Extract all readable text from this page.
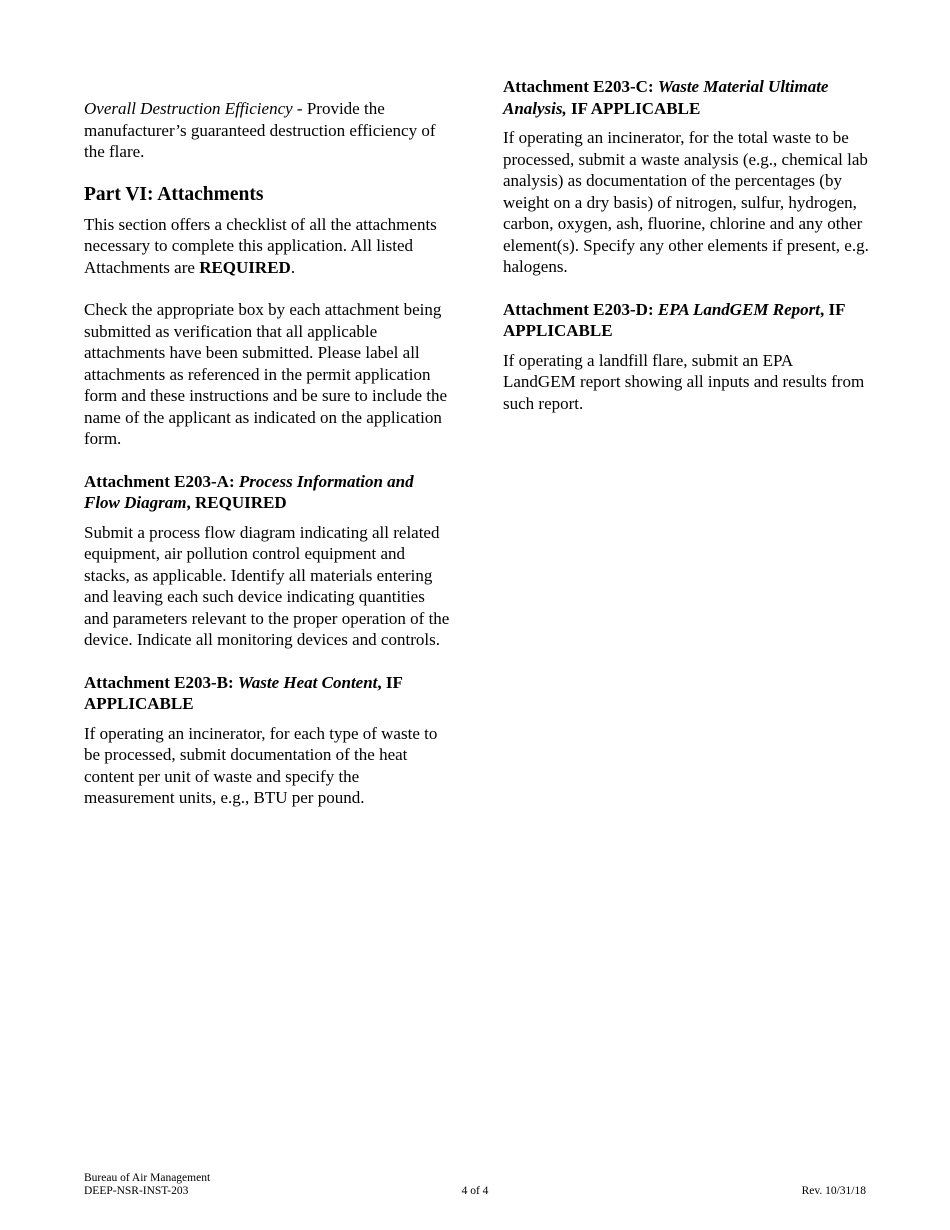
Overall Destruction Efficiency - Provide the manufacturer’s guaranteed destruction efficiency of the flare.

Part VI: Attachments

This section offers a checklist of all the attachments necessary to complete this application. All listed Attachments are REQUIRED.

Check the appropriate box by each attachment being submitted as verification that all applicable attachments have been submitted. Please label all attachments as referenced in the permit application form and these instructions and be sure to include the name of the applicant as indicated on the application form.

Attachment E203-A: Process Information and Flow Diagram, REQUIRED

Submit a process flow diagram indicating all related equipment, air pollution control equipment and stacks, as applicable. Identify all materials entering and leaving each such device indicating quantities and parameters relevant to the proper operation of the device. Indicate all monitoring devices and controls.

Attachment E203-B: Waste Heat Content, IF APPLICABLE

If operating an incinerator, for each type of waste to be processed, submit documentation of the heat content per unit of waste and specify the measurement units, e.g., BTU per pound.

Attachment E203-C: Waste Material Ultimate Analysis, IF APPLICABLE

If operating an incinerator, for the total waste to be processed, submit a waste analysis (e.g., chemical lab analysis) as documentation of the percentages (by weight on a dry basis) of nitrogen, sulfur, hydrogen, carbon, oxygen, ash, fluorine, chlorine and any other element(s). Specify any other elements if present, e.g. halogens.

Attachment E203-D: EPA LandGEM Report, IF APPLICABLE

If operating a landfill flare, submit an EPA LandGEM report showing all inputs and results from such report.

Bureau of Air Management
DEEP-NSR-INST-203	4 of 4	Rev. 10/31/18
